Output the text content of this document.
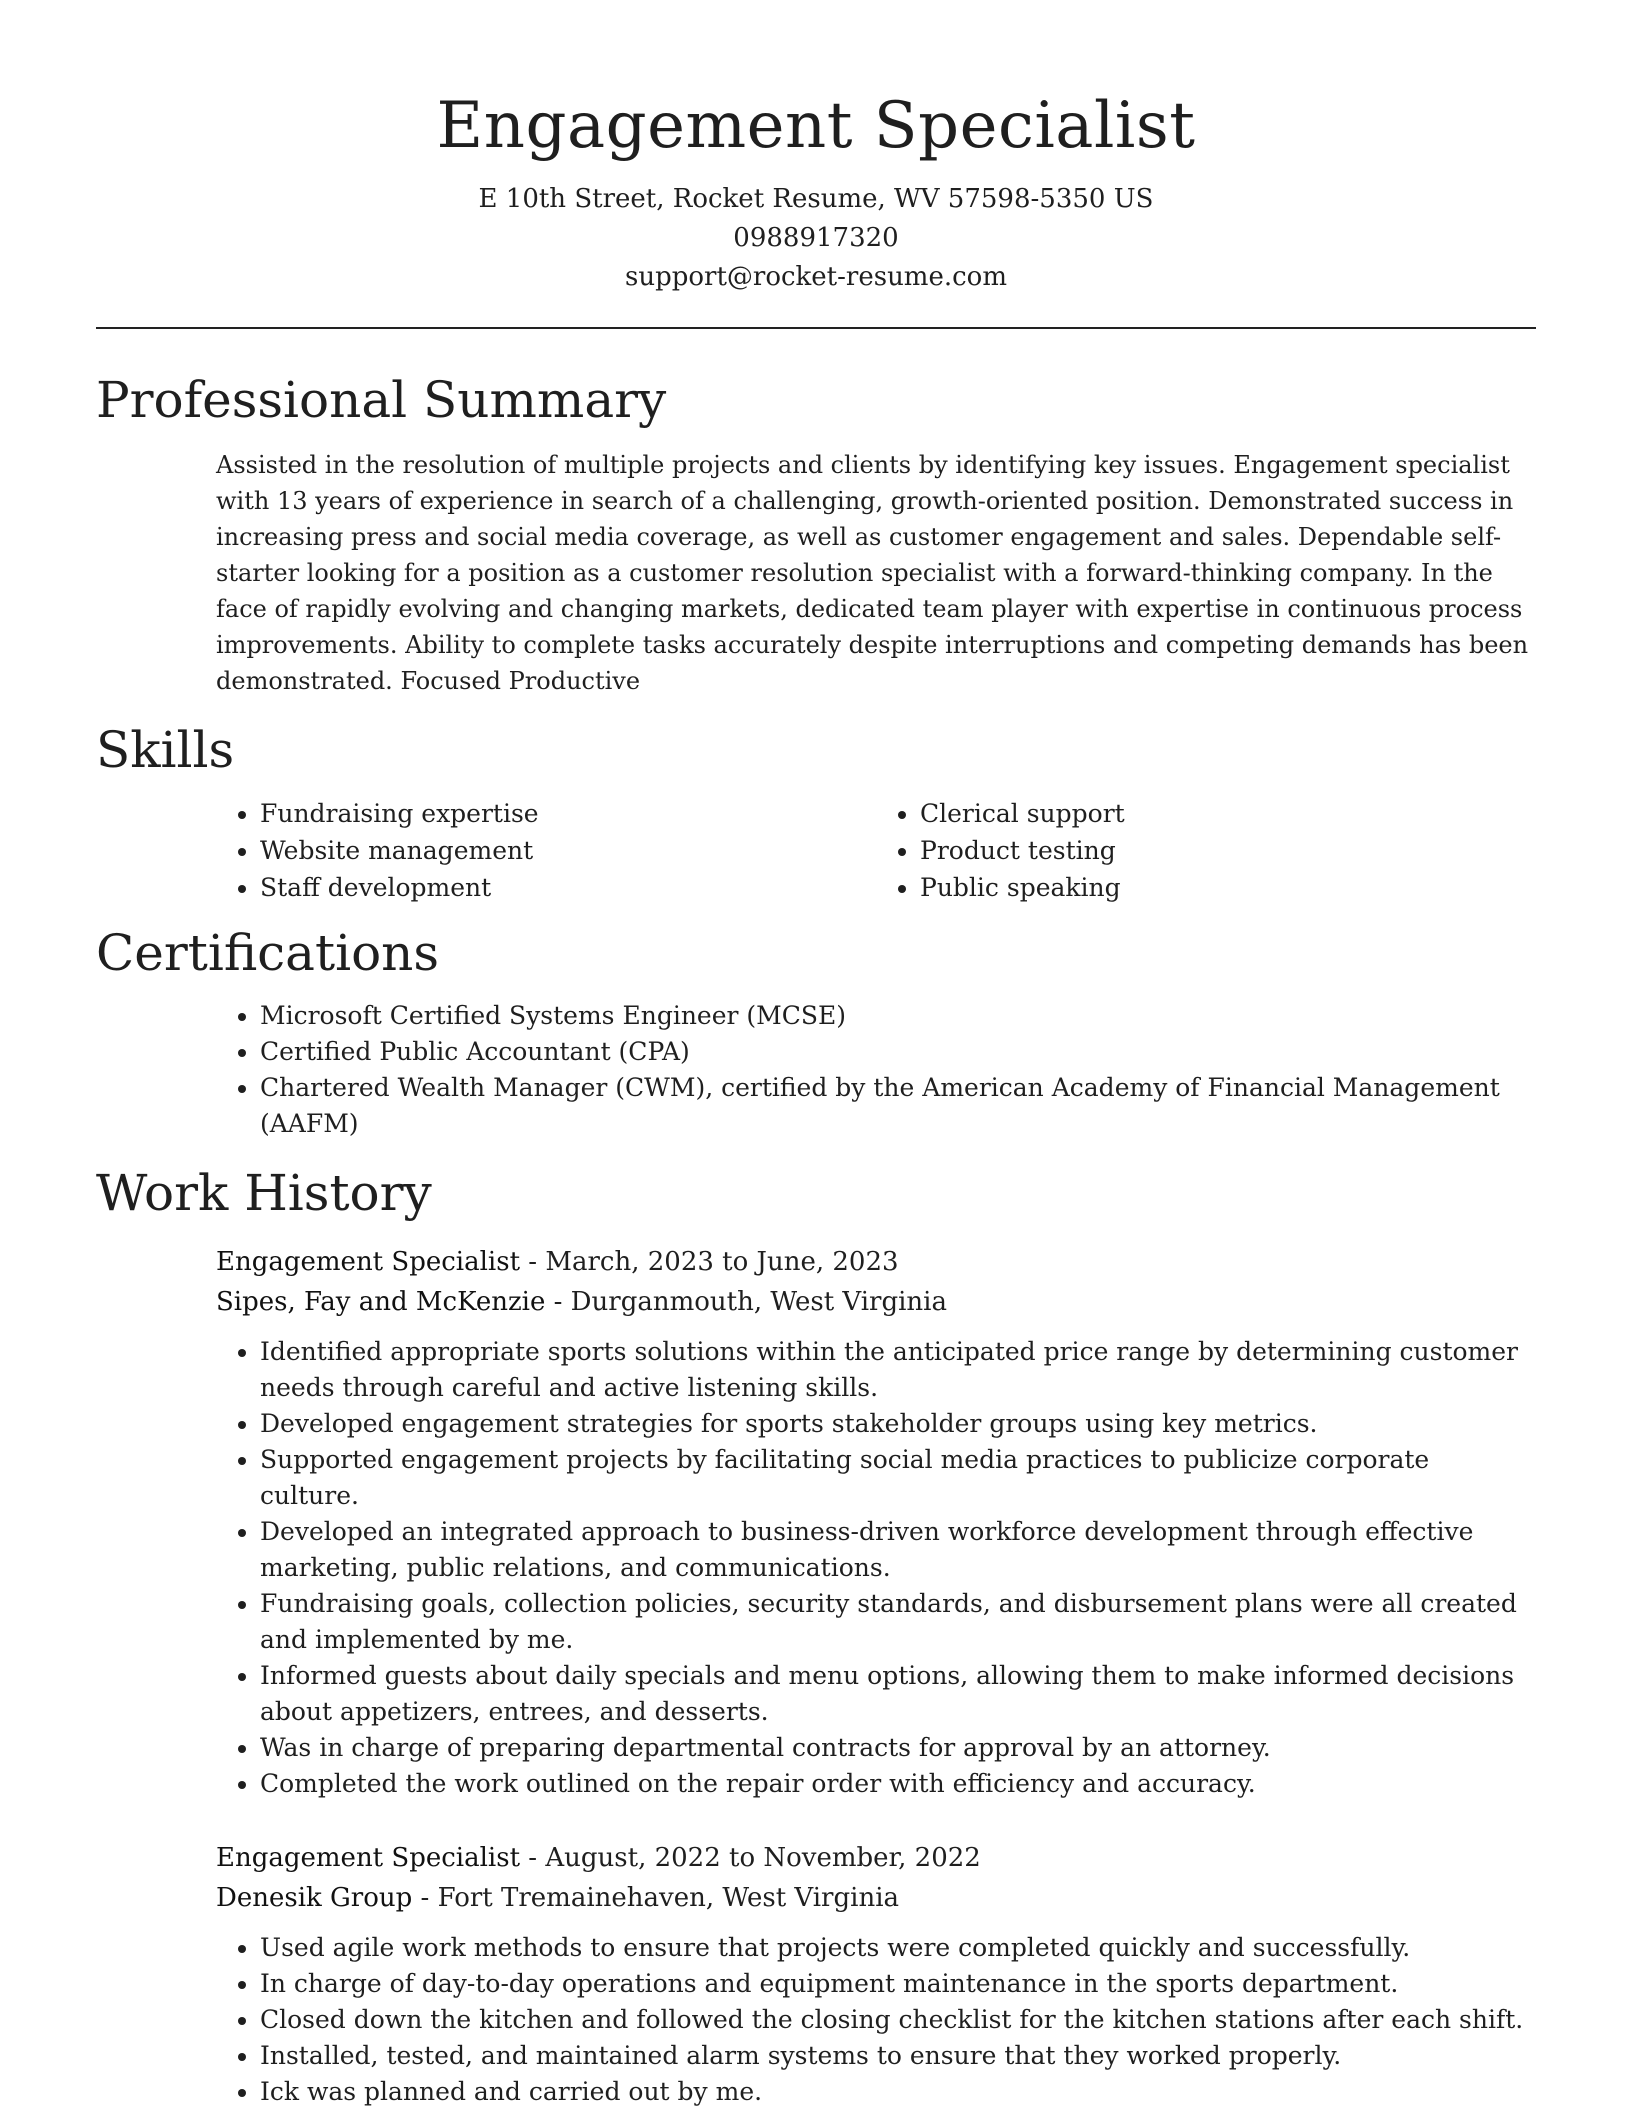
Engagement Specialist
E 10th Street, Rocket Resume, WV 57598-5350 US
0988917320
support@rocket-resume.com
Professional Summary

Assisted in the resolution of multiple projects and clients by identifying key issues. Engagement specialist with 13 years of experience in search of a challenging, growth-oriented position. Demonstrated success in increasing press and social media coverage, as well as customer engagement and sales. Dependable self-starter looking for a position as a customer resolution specialist with a forward-thinking company. In the face of rapidly evolving and changing markets, dedicated team player with expertise in continuous process improvements. Ability to complete tasks accurately despite interruptions and competing demands has been demonstrated. Focused Productive

Skills
• Fundraising expertise
• Website management
• Staff development
• Clerical support
• Product testing
• Public speaking
Certifications
• Microsoft Certified Systems Engineer (MCSE)
• Certified Public Accountant (CPA)
• Chartered Wealth Manager (CWM), certified by the American Academy of Financial Management (AAFM)
Work History
Engagement Specialist - March, 2023 to June, 2023
Sipes, Fay and McKenzie - Durganmouth, West Virginia
• Identified appropriate sports solutions within the anticipated price range by determining customer needs through careful and active listening skills.
• Developed engagement strategies for sports stakeholder groups using key metrics.
• Supported engagement projects by facilitating social media practices to publicize corporate culture.
• Developed an integrated approach to business-driven workforce development through effective marketing, public relations, and communications.
• Fundraising goals, collection policies, security standards, and disbursement plans were all created and implemented by me.
• Informed guests about daily specials and menu options, allowing them to make informed decisions about appetizers, entrees, and desserts.
• Was in charge of preparing departmental contracts for approval by an attorney.
• Completed the work outlined on the repair order with efficiency and accuracy.
Engagement Specialist - August, 2022 to November, 2022
Denesik Group - Fort Tremainehaven, West Virginia
• Used agile work methods to ensure that projects were completed quickly and successfully.
• In charge of day-to-day operations and equipment maintenance in the sports department.
• Closed down the kitchen and followed the closing checklist for the kitchen stations after each shift.
• Installed, tested, and maintained alarm systems to ensure that they worked properly.
• Ick was planned and carried out by me.
